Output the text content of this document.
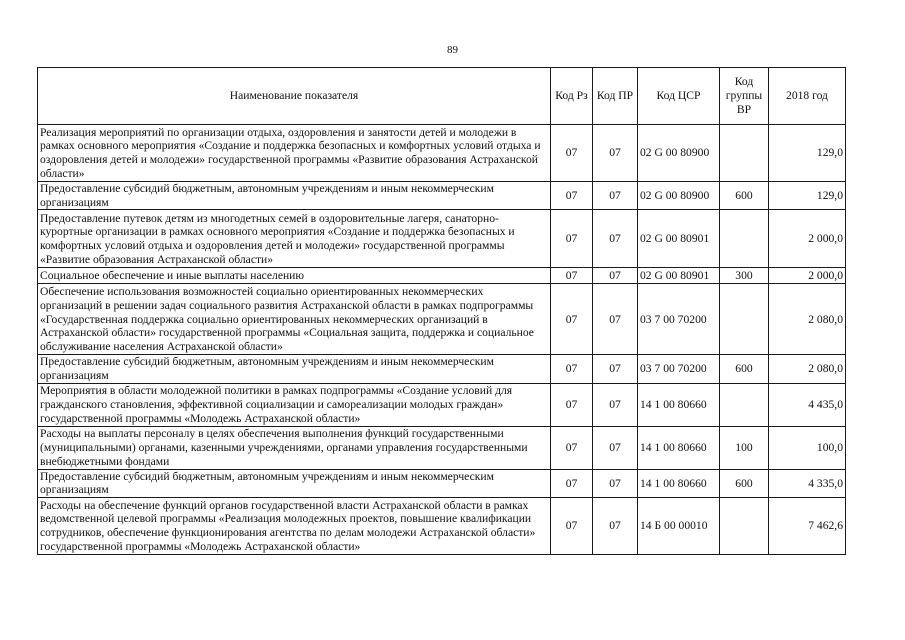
89
Наименование показателя	Код Рз	Код ПР	Код ЦСР	Код группы ВР	2018 год
Реализация мероприятий по организации отдыха, оздоровления и занятости детей и молодежи в рамках основного мероприятия «Создание и поддержка безопасных и комфортных условий отдыха и оздоровления детей и молодежи» государственной программы «Развитие образования Астраханской области»	07	07	02 G 00 80900		129,0
Предоставление субсидий бюджетным, автономным учреждениям и иным некоммерческим организациям	07	07	02 G 00 80900	600	129,0
Предоставление путевок детям из многодетных семей в оздоровительные лагеря, санаторно-курортные организации в рамках основного мероприятия «Создание и поддержка безопасных и комфортных условий отдыха и оздоровления детей и молодежи» государственной программы «Развитие образования Астраханской области»	07	07	02 G 00 80901		2 000,0
Социальное обеспечение и иные выплаты населению	07	07	02 G 00 80901	300	2 000,0
Обеспечение использования возможностей социально ориентированных некоммерческих организаций в решении задач социального развития Астраханской области в рамках подпрограммы «Государственная поддержка социально ориентированных некоммерческих организаций в Астраханской области» государственной программы «Социальная защита, поддержка и социальное обслуживание населения Астраханской области»	07	07	03 7 00 70200		2 080,0
Предоставление субсидий бюджетным, автономным учреждениям и иным некоммерческим организациям	07	07	03 7 00 70200	600	2 080,0
Мероприятия в области молодежной политики в рамках подпрограммы «Создание условий для гражданского становления, эффективной социализации и самореализации молодых граждан» государственной программы «Молодежь Астраханской области»	07	07	14 1 00 80660		4 435,0
Расходы на выплаты персоналу в целях обеспечения выполнения функций государственными (муниципальными) органами, казенными учреждениями, органами управления государственными внебюджетными фондами	07	07	14 1 00 80660	100	100,0
Предоставление субсидий бюджетным, автономным учреждениям и иным некоммерческим организациям	07	07	14 1 00 80660	600	4 335,0
Расходы на обеспечение функций органов государственной власти Астраханской области в рамках ведомственной целевой программы «Реализация молодежных проектов, повышение квалификации сотрудников, обеспечение функционирования агентства по делам молодежи Астраханской области» государственной программы «Молодежь Астраханской области»	07	07	14 Б 00 00010		7 462,6
